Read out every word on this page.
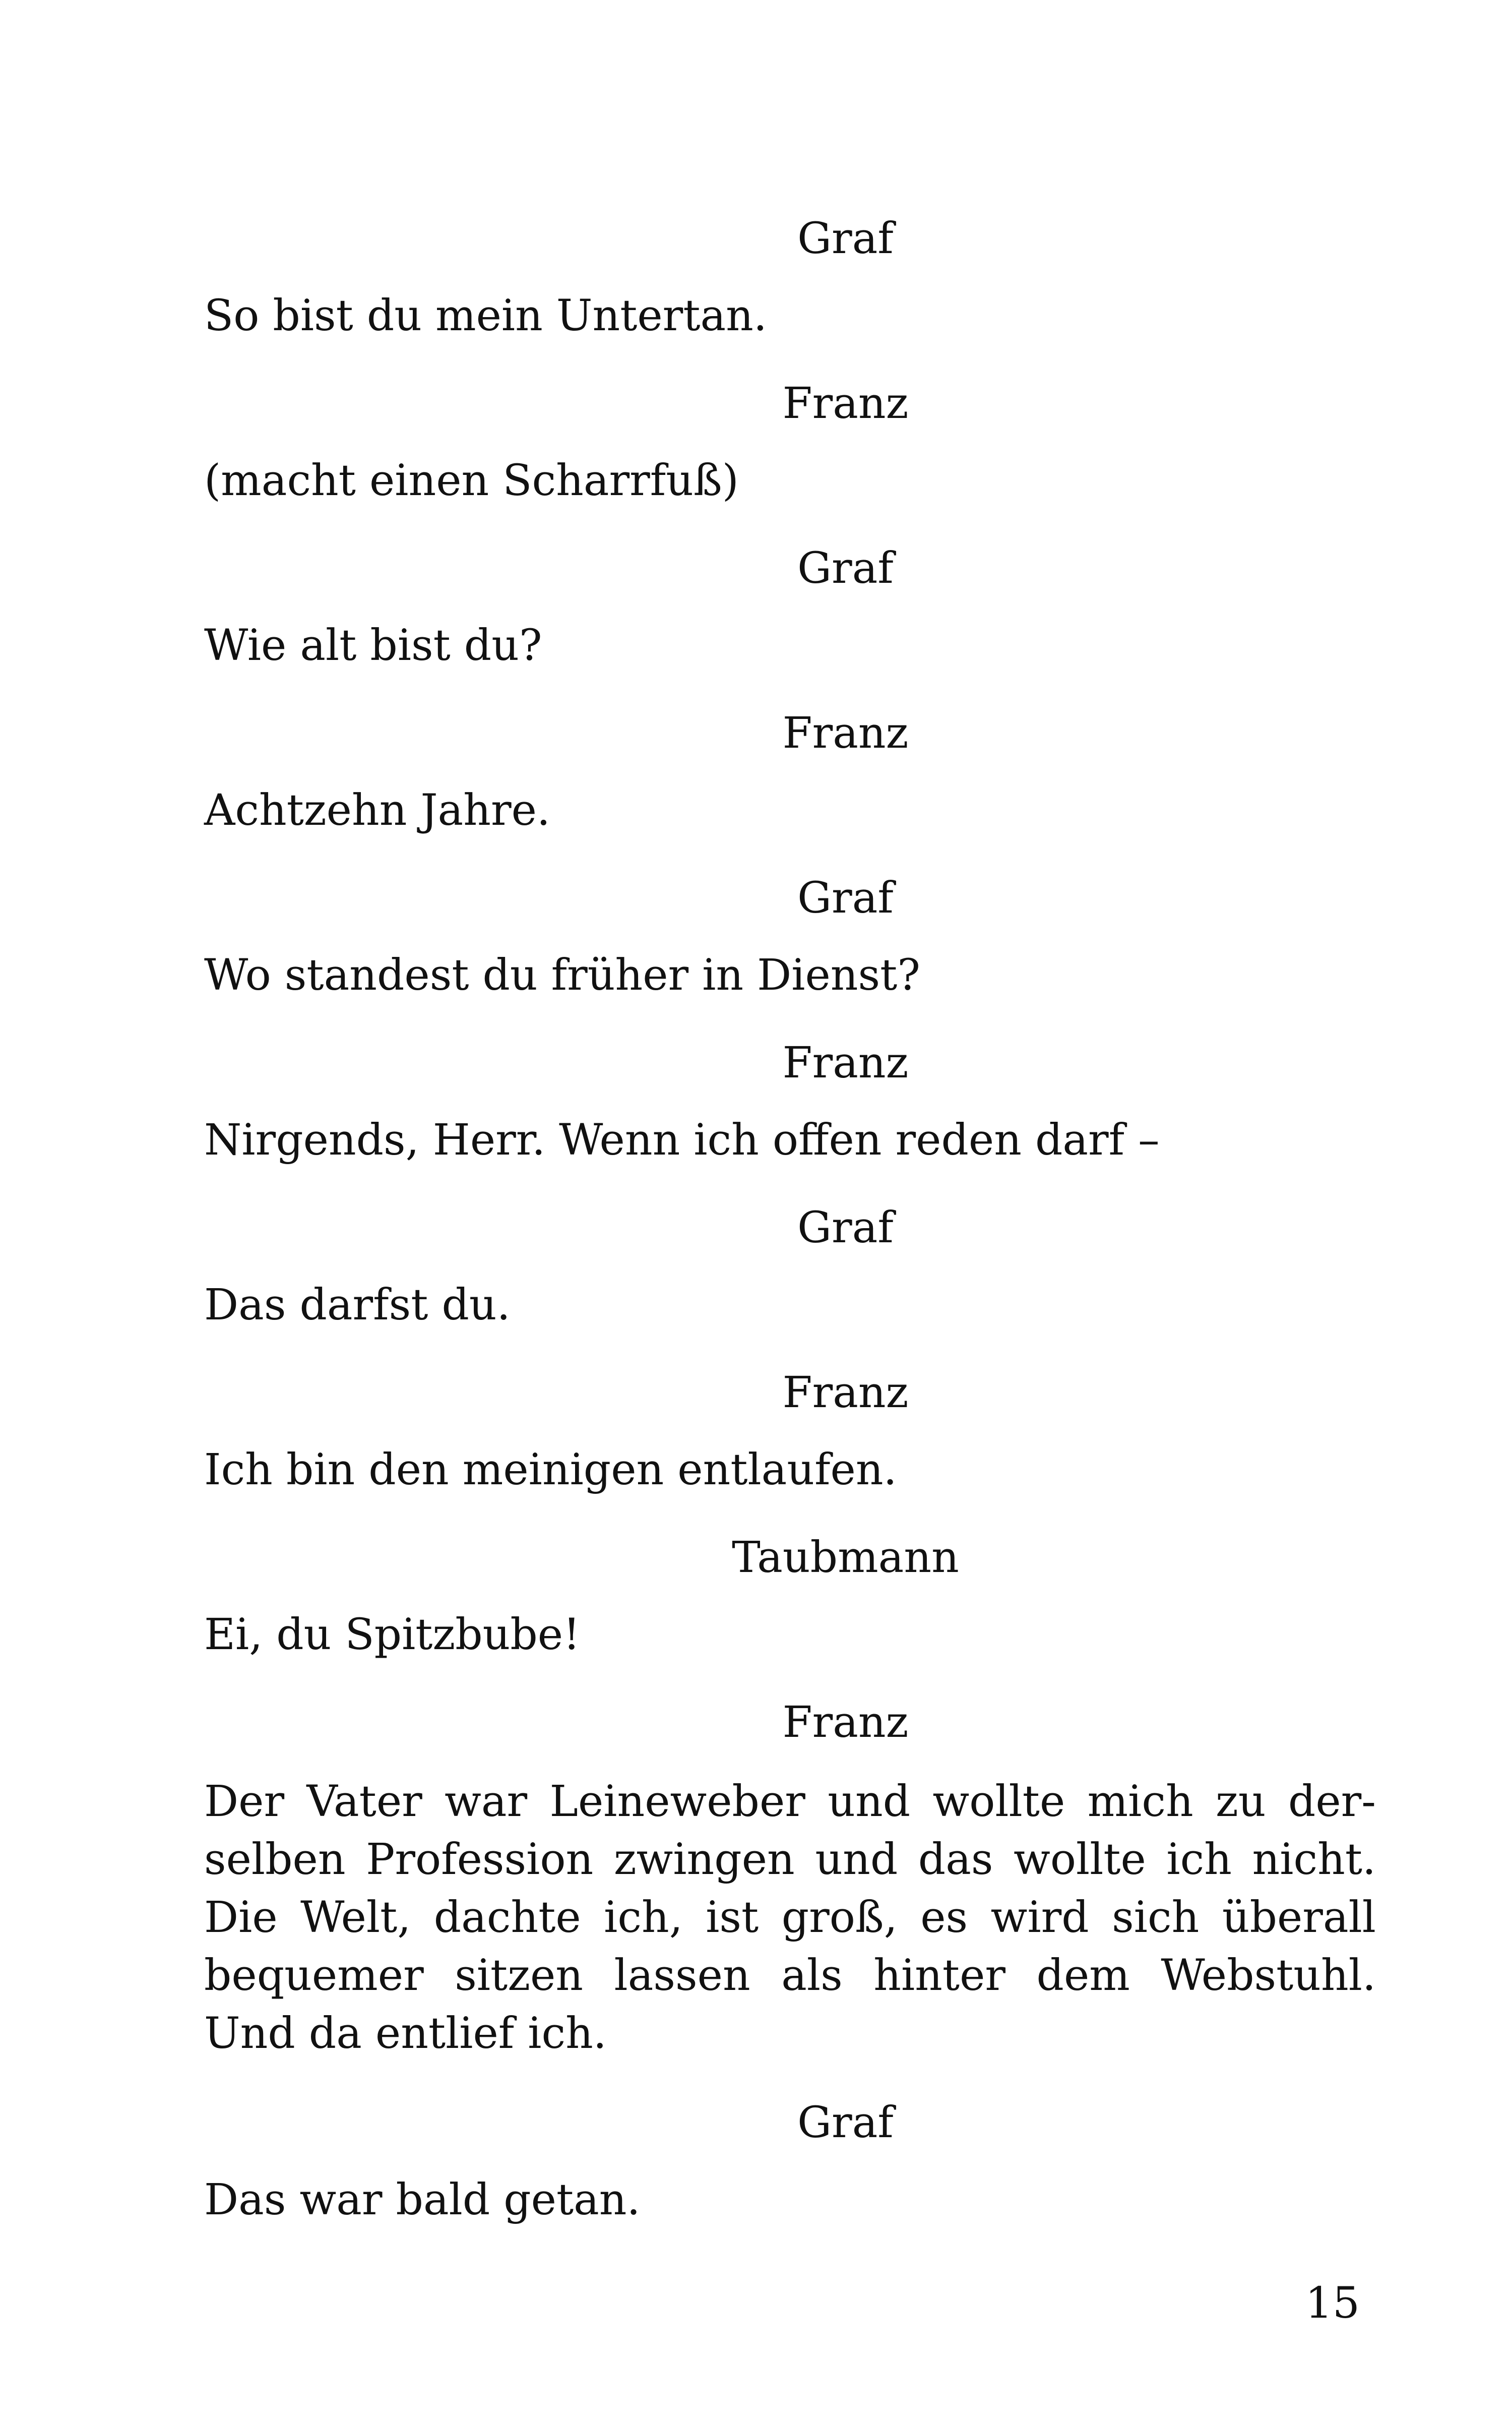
Graf
So bist du mein Untertan.
Franz
(macht einen Scharrfuß)
Graf
Wie alt bist du?
Franz
Achtzehn Jahre.
Graf
Wo standest du früher in Dienst?
Franz
Nirgends, Herr. Wenn ich offen reden darf –
Graf
Das darfst du.
Franz
Ich bin den meinigen entlaufen.
Taubmann
Ei, du Spitzbube!
Franz
Der Vater war Leineweber und wollte mich zu der-
selben Profession zwingen und das wollte ich nicht.
Die Welt, dachte ich, ist groß, es wird sich überall
bequemer sitzen lassen als hinter dem Webstuhl.
Und da entlief ich.
Graf
Das war bald getan.
15
